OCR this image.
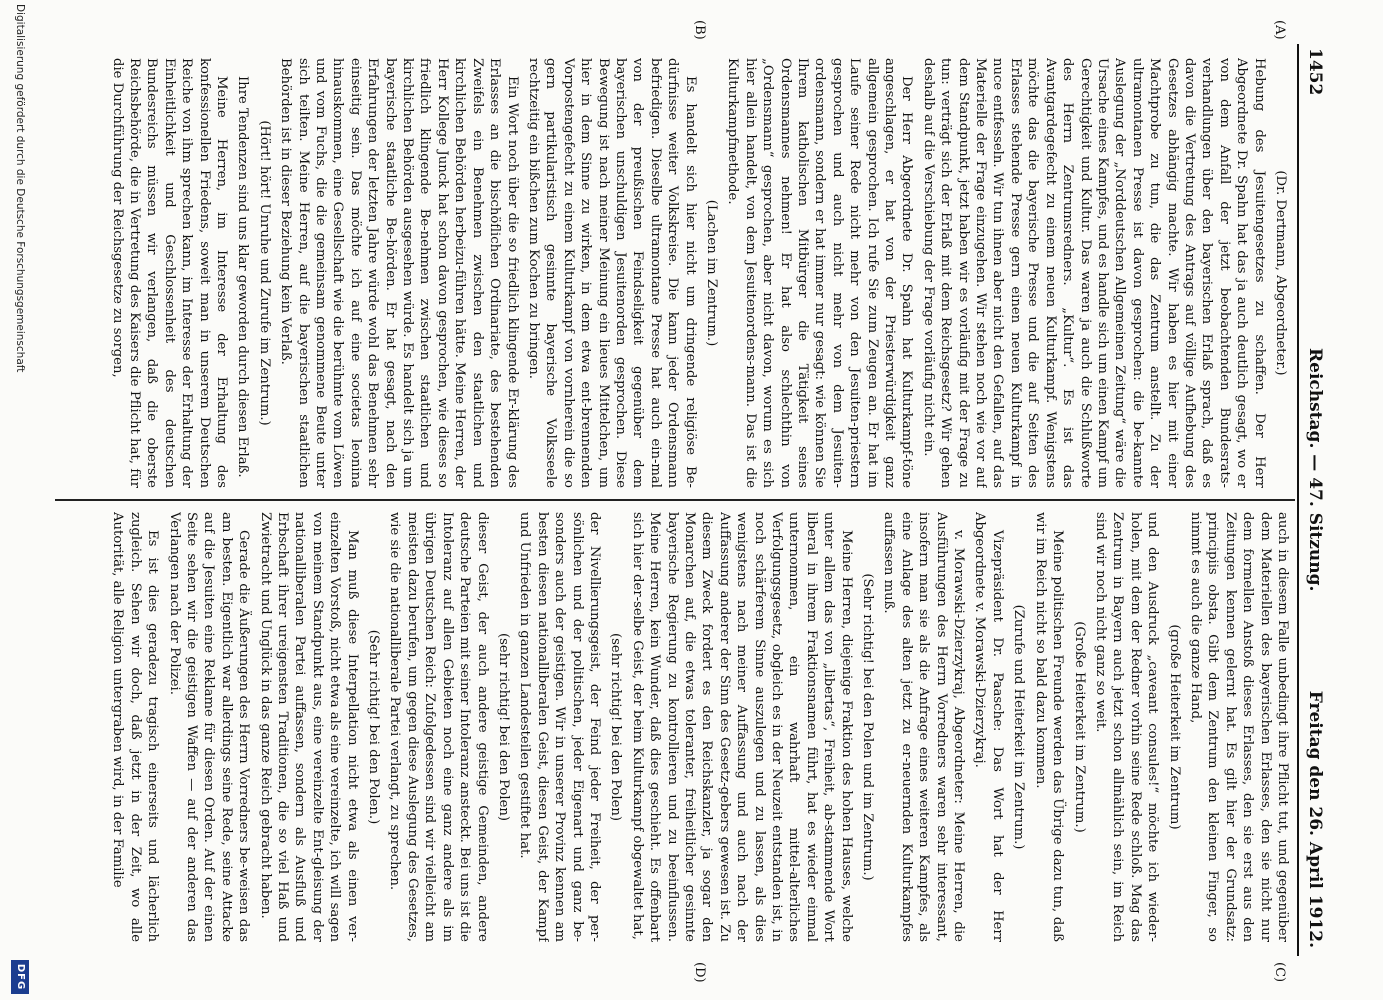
1452
Reichstag. — 47. Sitzung.
Freitag den 26. April 1912.
(A)
(B)
(C)
(D)

(Dr. Dertmann, Abgeordneter.)

Hebung des Jesuitengesetzes zu schaffen. Der Herr Abgeordnete Dr. Spahn hat das ja auch deutlich gesagt, wo er von dem Anfall der jetzt beobachtenden Bundesrats-verhandlungen über den bayerischen Erlaß sprach, daß es davon die Vertretung des Antrags auf völlige Aufhebung des Gesetzes abhängig machte. Wir haben es hier mit einer Machtprobe zu tun, die das Zentrum anstellt. Zu der ultramontanen Presse ist davon gesprochen: die be-kannte Auslegung der „Norddeutschen Allgemeinen Zeitung“ wäre die Ursache eines Kampfes, und es handle sich um einen Kampf um Gerechtigkeit und Kultur. Das waren ja auch die Schlußworte des Herrn Zentrumsredners. „Kultur“. Es ist das Avantgardegefecht zu einem neuen Kulturkampf. Wenigstens möchte das die bayerische Presse und die auf Seiten des Erlasses stehende Presse gern einen neuen Kulturkampf in nuce entfesseln. Wir tun ihnen aber nicht den Gefallen, auf das Materielle der Frage einzugehen. Wir stehen noch wie vor auf dem Standpunkt, jetzt haben wir es vorläufig mit der Frage zu tun: verträgt sich der Erlaß mit dem Reichsgesetz? Wir gehen deshalb auf die Verschiebung der Frage vorläufig nicht ein.

Der Herr Abgeordnete Dr. Spahn hat Kulturkampf-töne angeschlagen, er hat von der Priesterwürdigkeit ganz allgemein gesprochen. Ich rufe Sie zum Zeugen an. Er hat im Laufe seiner Rede nicht mehr von den Jesuiten-priestern gesprochen und auch nicht mehr von dem Jesuiten-ordensmann, sondern er hat immer nur gesagt: wie können Sie Ihrem katholischen Mitbürger die Tätigkeit seines Ordensmannes nehmen! Er hat also schlechthin von „Ordensmann“ gesprochen, aber nicht davon, worum es sich hier allein handelt, von dem Jesuitenordens-mann. Das ist die Kulturkampfmethode.

(Lachen im Zentrum.)

Es handelt sich hier nicht um dringende religiöse Be-dürfnisse weiter Volkskreise. Die kann jeder Ordensmann befriedigen. Dieselbe ultramontane Presse hat auch ein-mal von der preußischen Feindseligkeit gegenüber dem bayerischen unschuldigen Jesuitenorden gesprochen. Diese Bewegung ist nach meiner Meinung ein lieues Mittelchen, um hier in dem Sinne zu wirken, in dem etwa ent-brennenden Vorpostengefecht zu einem Kulturkampf von vornherein die so gern partikularistisch gesinnte bayerische Volksseele rechtzeitig ein bißchen zum Kochen zu bringen.

Ein Wort noch über die so friedlich klingende Er-klärung des Erlasses an die bischöflichen Ordinariate, des bestehenden Zweifels ein Benehmen zwischen den staatlichen und kirchlichen Behörden herbeizu-führen hätte. Meine Herren, der Herr Kollege Junck hat schon davon gesprochen, wie dieses so friedlich klingende Be-nehmen zwischen staatlichen und kirchlichen Behörden ausgesehen würde. Es handelt sich ja um bayerische staatliche Be-hörden. Er hat gesagt, nach den Erfahrungen der letzten Jahre würde wohl das Benehmen sehr einseitig sein. Das möchte ich auf eine societas leonina hinauskommen, eine Gesellschaft wie die berühmte vom Löwen und vom Fuchs, die die gemeinsam genommene Beute unter sich teilten. Meine Herren, auf die bayerischen staatlichen Behörden ist in dieser Beziehung kein Verlaß.

(Hört! hört! Unruhe und Zurufe im Zentrum.)

Ihre Tendenzen sind uns klar geworden durch diesen Erlaß.

Meine Herren, im Interesse der Erhaltung des konfessionellen Friedens, soweit man in unserem Deutschen Reiche von ihm sprechen kann, im Interesse der Erhaltung der Einheitlichkeit und Geschlossenheit des deutschen Bundesreichs müssen wir verlangen, daß die oberste Reichsbehörde, die in Vertretung des Kaisers die Pflicht hat, für die Durchführung der Reichsgesetze zu sorgen,

auch in diesem Falle unbedingt ihre Pflicht tut, und gegenüber dem Materiellen des bayerischen Erlasses, den sie nicht nur dem formellen Anstoß dieses Erlasses, den sie erst aus den Zeitungen kennen gelernt hat. Es gilt hier der Grundsatz: principiis obsta. Gibt dem Zentrum den kleinen Finger, so nimmt es auch die ganze Hand,

(große Heiterkeit im Zentrum)

und den Ausdruck „caveant consules!“ möchte ich wieder-holen, mit dem der Redner vorhin seine Rede schloß. Mag das Zentrum in Bayern auch jetzt schon allmählich sein, im Reich sind wir noch nicht ganz so weit.

(Große Heiterkeit im Zentrum.)

Meine politischen Freunde werden das Übrige dazu tun, daß wir im Reich nicht so bald dazu kommen.

(Zurufe und Heiterkeit im Zentrum.)

Vizepräsident Dr. Paasche: Das Wort hat der Herr Abgeordnete v. Morawski-Dzierzykraj.

v. Morawski-Dzierzykraj, Abgeordneter: Meine Herren, die Ausführungen des Herrn Vorredners waren sehr interessant, insofern man sie als die Anfrage eines weiteren Kampfes, als eine Anlage des alten jetzt zu er-neuernden Kulturkampfes auffassen muß.

(Sehr richtig! bei den Polen und im Zentrum.)

Meine Herren, diejenige Fraktion des hohen Hauses, welche unter allem das von „libertas“, Freiheit, ab-stammende Wort liberal in ihrem Fraktionsnamen führt, hat es wieder einmal unternommen, ein wahrhaft mittel-alterliches Verfolgungsgesetz, obgleich es in der Neuzeit entstanden ist, in noch schärferem Sinne auszulegen und zu lassen, als dies wenigstens nach meiner Auffassung und auch nach der Auffassung anderer der Sinn des Gesetz-gebers gewesen ist. Zu diesem Zweck fordert es den Reichskanzler, ja sogar den Monarchen auf, die etwas toleranter, freiheitlicher gesinnte bayerische Regierung zu kontrollieren und zu beeinflussen. Meine Herren, kein Wunder, daß dies geschieht. Es offenbart sich hier der-selbe Geist, der beim Kulturkampf obgewaltet hat,

(sehr richtig! bei den Polen)

der Nivellierungsgeist, der Feind jeder Freiheit, der per-sönlichen und der politischen, jeder Eigenart und ganz be-sonders auch der geistigen. Wir in unserer Provinz kennen am besten diesen nationalliberalen Geist, diesen Geist, der Kampf und Unfrieden in ganzen Landesteilen gestiftet hat.

(sehr richtig! bei den Polen)

dieser Geist, der auch andere geistige Gemeinden, andere deutsche Parteien mit seiner Intoleranz ansteckt. Bei uns ist die Intoleranz auf allen Gebieten noch eine ganz andere als im übrigen Deutschen Reich: Zufolgedessen sind wir vielleicht am meisten dazu berufen, um gegen diese Auslegung des Gesetzes, wie sie die nationalliberale Partei verlangt, zu sprechen.

(Sehr richtig! bei den Polen.)

Man muß diese Interpellation nicht etwa als einen ver-einzelten Vorstoß, nicht etwa als eine vereinzelte, ich will sagen von meinem Standpunkt aus, eine vereinzelte Ent-gleisung der nationalliberalen Partei auffassen, sondern als Ausfluß und Erbschaft ihrer ureigensten Traditionen, die so viel Haß und Zwietracht und Unglück in das ganze Reich gebracht haben.

Gerade die Äußerungen des Herrn Vorredners be-weisen das am besten. Eigentlich war allerdings seine Rede, seine Attacke auf die Jesuiten eine Reklame für diesen Orden. Auf der einen Seite sehen wir die geistigen Waffen — auf der anderen das Verlangen nach der Polizei.

Es ist dies geradezu tragisch einerseits und lächerlich zugleich. Sehen wir doch, daß jetzt in der Zeit, wo alle Autorität, alle Religion untergraben wird, in der Familie

Digitalisierung gefördert durch die Deutsche Forschungsgemeinschaft
DFG
